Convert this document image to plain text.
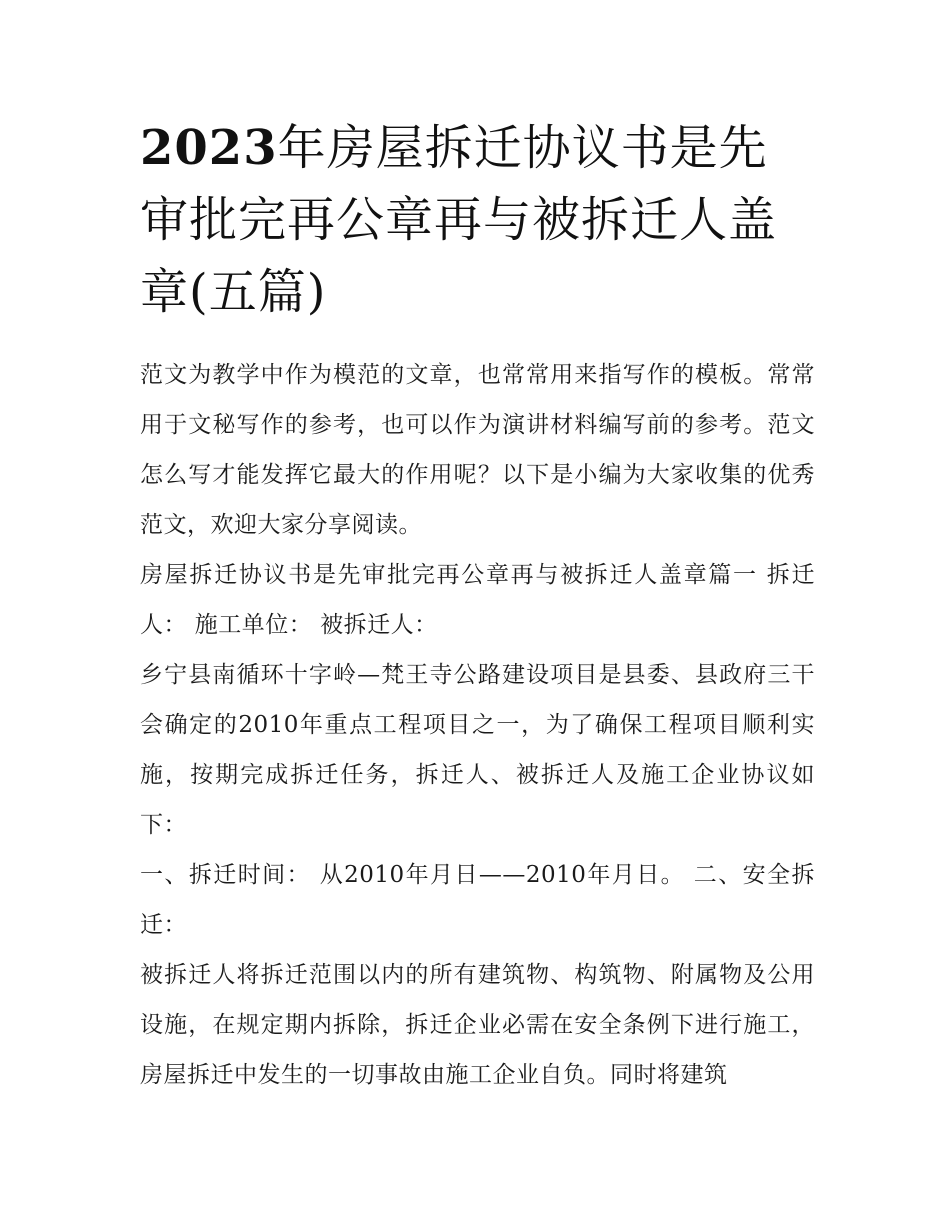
2023年房屋拆迁协议书是先审批完再公章再与被拆迁人盖章(五篇)

范文为教学中作为模范的文章，也常常用来指写作的模板。常常用于文秘写作的参考，也可以作为演讲材料编写前的参考。范文怎么写才能发挥它最大的作用呢？以下是小编为大家收集的优秀范文，欢迎大家分享阅读。

房屋拆迁协议书是先审批完再公章再与被拆迁人盖章篇一 拆迁 人： 施工单位： 被拆迁人：

乡宁县南循环十字岭—梵王寺公路建设项目是县委、县政府三干会确定的2010年重点工程项目之一，为了确保工程项目顺利实施，按期完成拆迁任务，拆迁人、被拆迁人及施工企业协议如下：

一、拆迁时间： 从2010年月日——2010年月日。 二、安全拆迁：

被拆迁人将拆迁范围以内的所有建筑物、构筑物、附属物及公用设施，在规定期内拆除，拆迁企业必需在安全条例下进行施工，房屋拆迁中发生的一切事故由施工企业自负。同时将建筑
